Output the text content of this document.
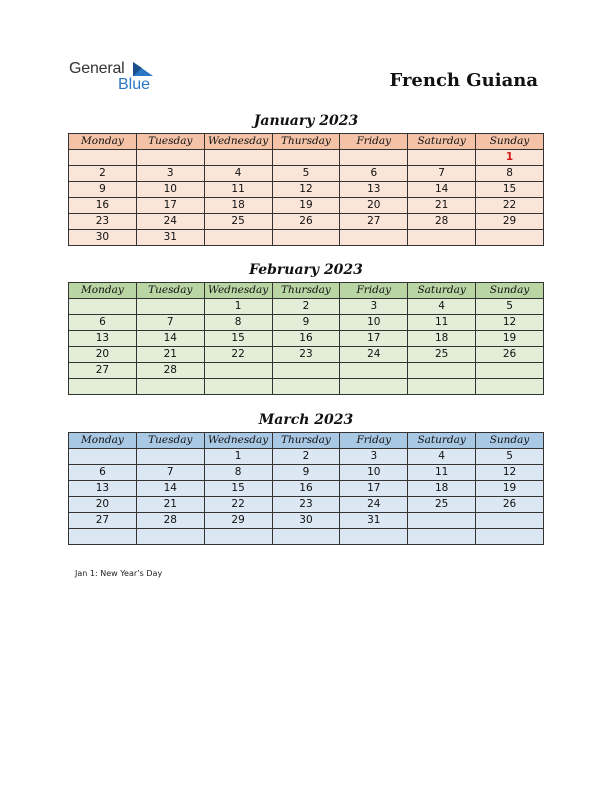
General
Blue	French Guiana
January 2023
Monday	Tuesday	Wednesday	Thursday	Friday	Saturday	Sunday
						1
2	3	4	5	6	7	8
9	10	11	12	13	14	15
16	17	18	19	20	21	22
23	24	25	26	27	28	29
30	31					
February 2023
Monday	Tuesday	Wednesday	Thursday	Friday	Saturday	Sunday
		1	2	3	4	5
6	7	8	9	10	11	12
13	14	15	16	17	18	19
20	21	22	23	24	25	26
27	28					

March 2023
Monday	Tuesday	Wednesday	Thursday	Friday	Saturday	Sunday
		1	2	3	4	5
6	7	8	9	10	11	12
13	14	15	16	17	18	19
20	21	22	23	24	25	26
27	28	29	30	31		

Jan 1: New Year’s Day
